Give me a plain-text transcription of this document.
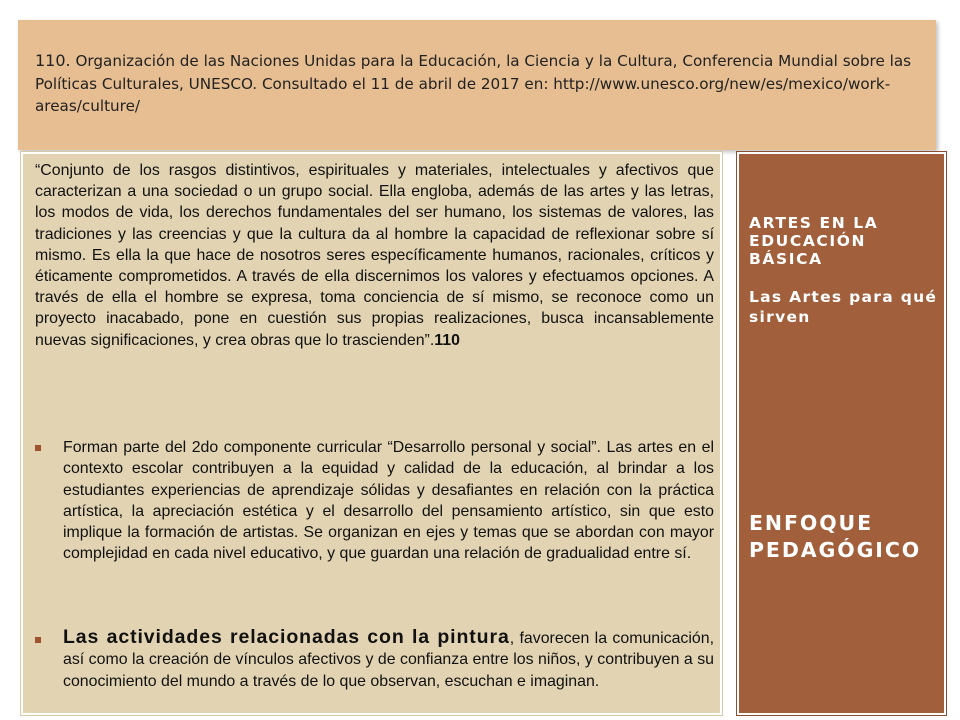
110. Organización de las Naciones Unidas para la Educación, la Ciencia y la Cultura, Conferencia Mundial sobre las Políticas Culturales, UNESCO. Consultado el 11 de abril de 2017 en: http://www.unesco.org/new/es/mexico/work-areas/culture/

“Conjunto de los rasgos distintivos, espirituales y materiales, intelectuales y afectivos que caracterizan a una sociedad o un grupo social. Ella engloba, además de las artes y las letras, los modos de vida, los derechos fundamentales del ser humano, los sistemas de valores, las tradiciones y las creencias y que la cultura da al hombre la capacidad de reflexionar sobre sí mismo. Es ella la que hace de nosotros seres específicamente humanos, racionales, críticos y éticamente comprometidos. A través de ella discernimos los valores y efectuamos opciones. A través de ella el hombre se expresa, toma conciencia de sí mismo, se reconoce como un proyecto inacabado, pone en cuestión sus propias realizaciones, busca incansablemente nuevas significaciones, y crea obras que lo trascienden”.110

Forman parte del 2do componente curricular “Desarrollo personal y social”. Las artes en el contexto escolar contribuyen a la equidad y calidad de la educación, al brindar a los estudiantes experiencias de aprendizaje sólidas y desafiantes en relación con la práctica artística, la apreciación estética y el desarrollo del pensamiento artístico, sin que esto implique la formación de artistas. Se organizan en ejes y temas que se abordan con mayor complejidad en cada nivel educativo, y que guardan una relación de gradualidad entre sí.

Las actividades relacionadas con la pintura, favorecen la comunicación, así como la creación de vínculos afectivos y de confianza entre los niños, y contribuyen a su conocimiento del mundo a través de lo que observan, escuchan e imaginan.

ARTES EN LA EDUCACIÓN BÁSICA
Las Artes para qué sirven
ENFOQUE PEDAGÓGICO
